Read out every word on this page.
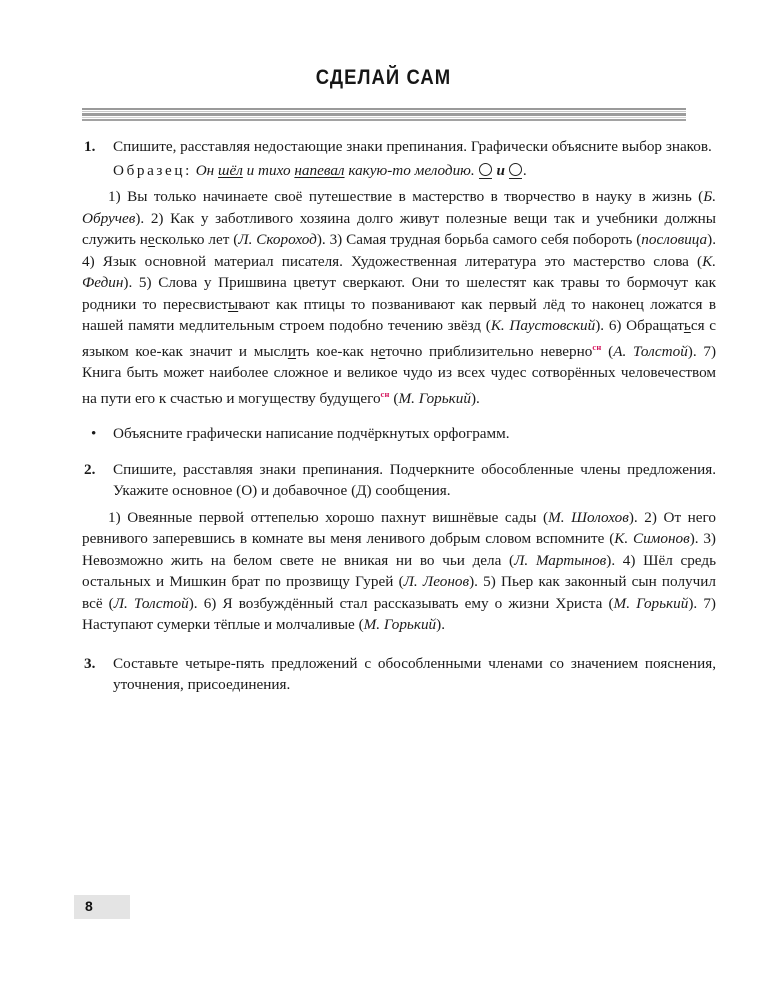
СДЕЛАЙ САМ
1. Спишите, расставляя недостающие знаки препинания. Графически объясните выбор знаков.
Образец: Он шёл и тихо напевал какую-то мелодию. и .
1) Вы только начинаете своё путешествие в мастерство в творчество в науку в жизнь (Б. Обручев). 2) Как у заботливого хозяина долго живут полезные вещи так и учебники должны служить несколько лет (Л. Скороход). 3) Самая трудная борьба самого себя побороть (пословица). 4) Язык основной материал писателя. Художественная литература это мастерство слова (К. Федин). 5) Слова у Пришвина цветут сверкают. Они то шелестят как травы то бормочут как родники то пересвистывают как птицы то позванивают как первый лёд то наконец ложатся в нашей памяти медлительным строем подобно течению звёзд (К. Паустовский). 6) Обращаться с языком кое-как значит и мыслить кое-как неточно приблизительно неверно$^{сн}$ (А. Толстой). 7) Книга быть может наиболее сложное и великое чудо из всех чудес сотворённых человечеством на пути его к счастью и могуществу будущего$^{сн}$ (М. Горький).
• Объясните графически написание подчёркнутых орфограмм.
2. Спишите, расставляя знаки препинания. Подчеркните обособленные члены предложения. Укажите основное (О) и добавочное (Д) сообщения.
1) Овеянные первой оттепелью хорошо пахнут вишнёвые сады (М. Шолохов). 2) От него ревнивого заперевшись в комнате вы меня ленивого добрым словом вспомните (К. Симонов). 3) Невозможно жить на белом свете не вникая ни во чьи дела (Л. Мартынов). 4) Шёл средь остальных и Мишкин брат по прозвищу Гурей (Л. Леонов). 5) Пьер как законный сын получил всё (Л. Толстой). 6) Я возбуждённый стал рассказывать ему о жизни Христа (М. Горький). 7) Наступают сумерки тёплые и молчаливые (М. Горький).
3. Составьте четыре-пять предложений с обособленными членами со значением пояснения, уточнения, присоединения.
8
